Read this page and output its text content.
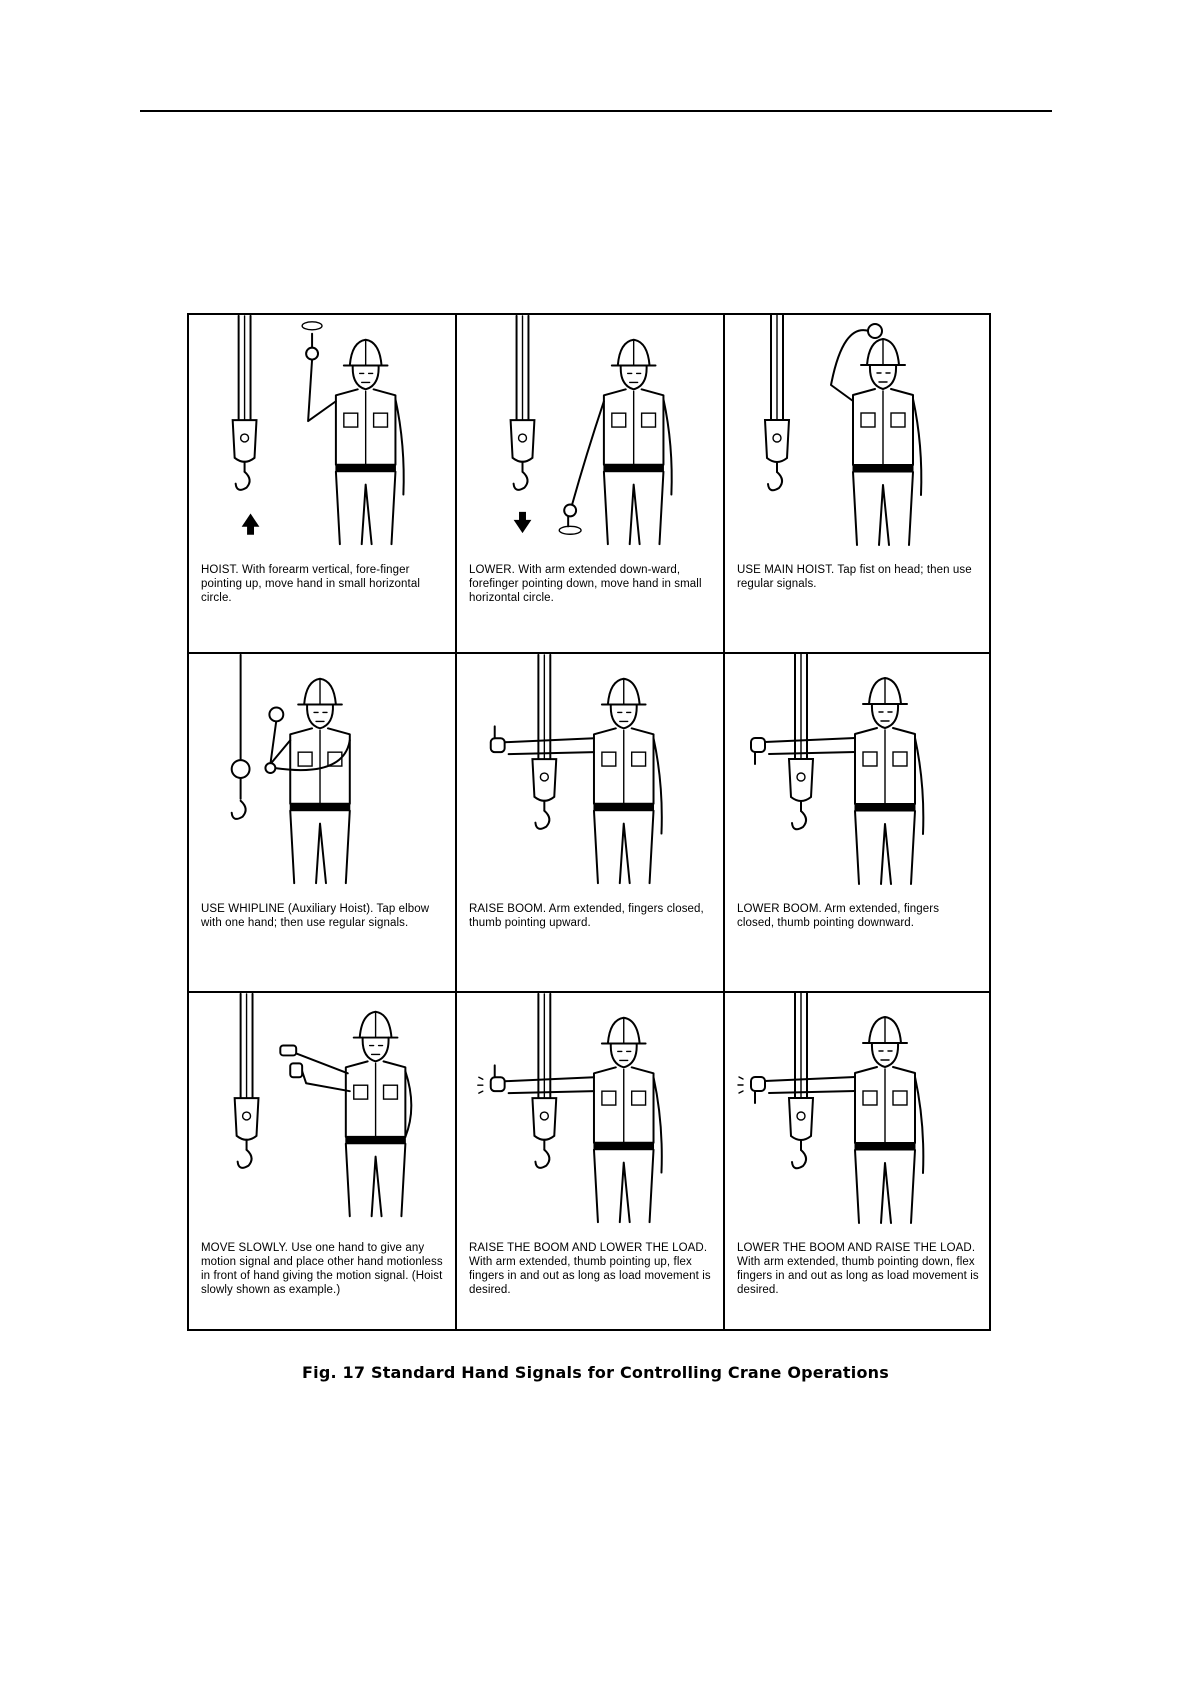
HOIST. With forearm vertical, fore-finger pointing up, move hand in small horizontal circle.
LOWER. With arm extended down-ward, forefinger pointing down, move hand in small horizontal circle.
USE MAIN HOIST. Tap fist on head; then use regular signals.
USE WHIPLINE (Auxiliary Hoist). Tap elbow with one hand; then use regular signals.
RAISE BOOM. Arm extended, fingers closed, thumb pointing upward.
LOWER BOOM. Arm extended, fingers closed, thumb pointing downward.
MOVE SLOWLY. Use one hand to give any motion signal and place other hand motionless in front of hand giving the motion signal. (Hoist slowly shown as example.)
RAISE THE BOOM AND LOWER THE LOAD. With arm extended, thumb pointing up, flex fingers in and out as long as load movement is desired.
LOWER THE BOOM AND RAISE THE LOAD. With arm extended, thumb pointing down, flex fingers in and out as long as load movement is desired.
Fig. 17 Standard Hand Signals for Controlling Crane Operations
